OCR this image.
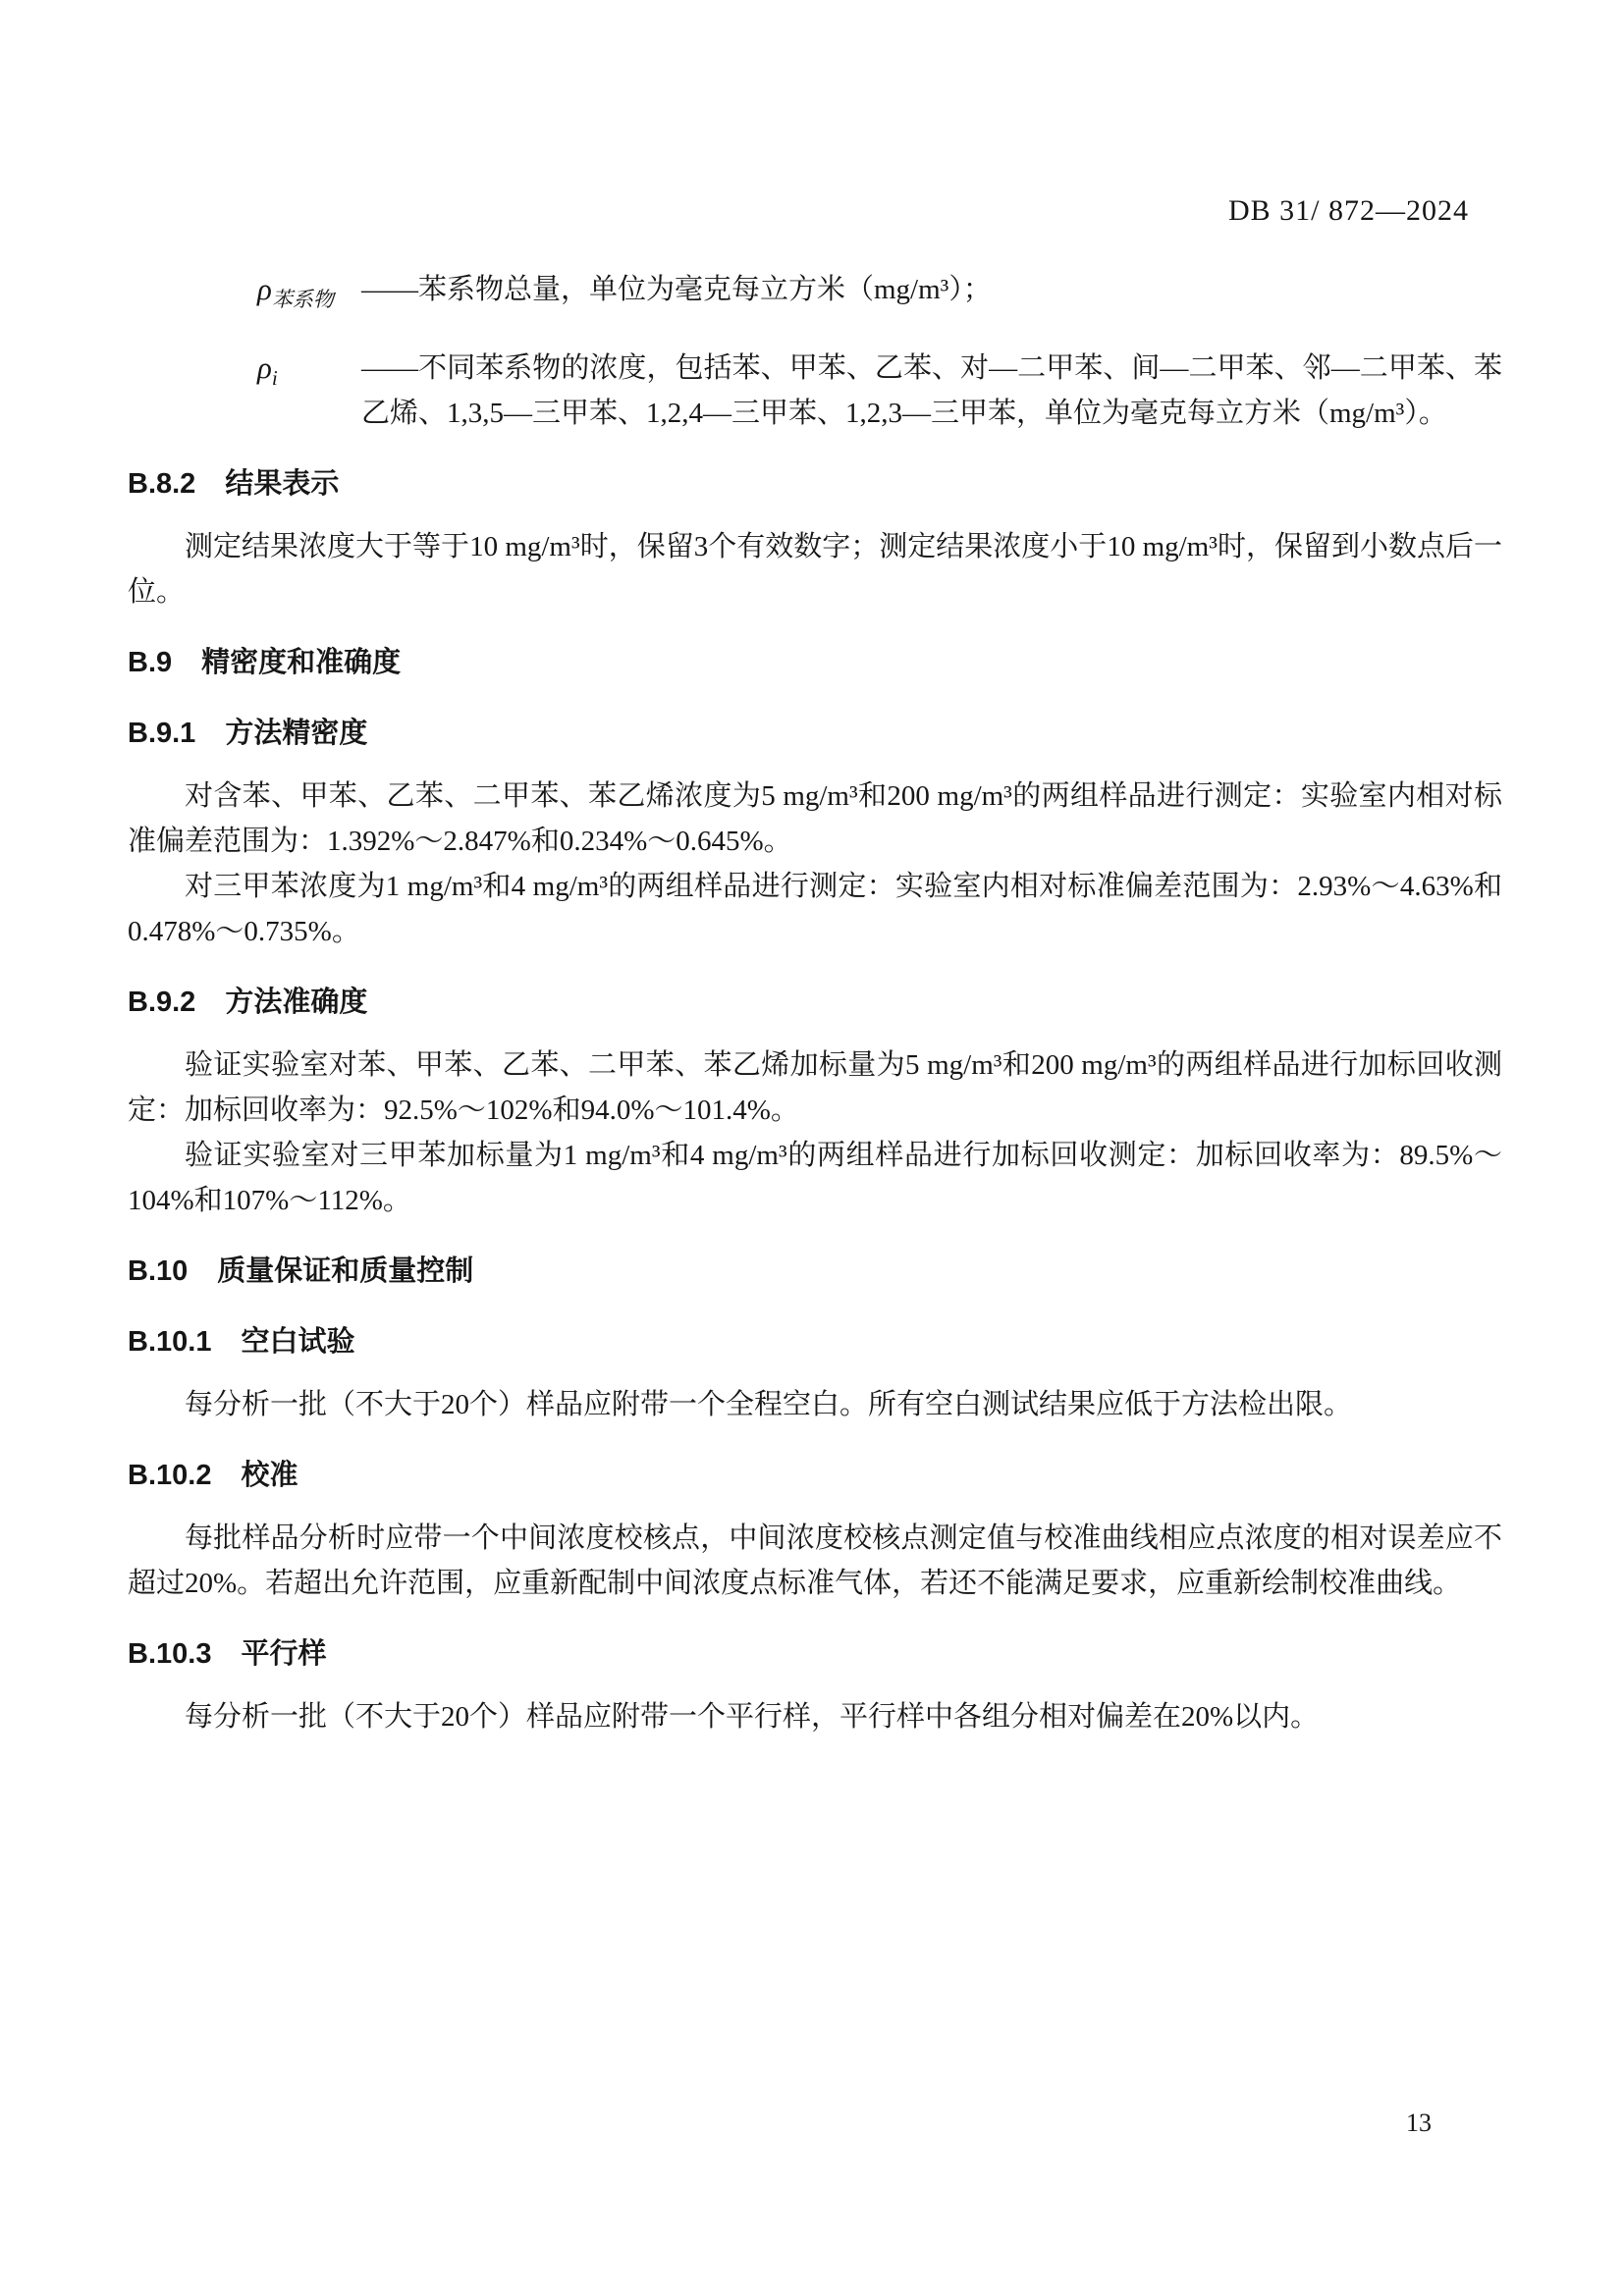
DB 31/ 872—2024
$\rho_{苯系物}$ ——苯系物总量，单位为毫克每立方米（mg/m³）；
$\rho_i$	——不同苯系物的浓度，包括苯、甲苯、乙苯、对—二甲苯、间—二甲苯、邻—二甲苯、苯乙烯、1,3,5—三甲苯、1,2,4—三甲苯、1,2,3—三甲苯，单位为毫克每立方米（mg/m³）。
B.8.2 结果表示

测定结果浓度大于等于10 mg/m³时，保留3个有效数字；测定结果浓度小于10 mg/m³时，保留到小数点后一位。

B.9 精密度和准确度
B.9.1 方法精密度

对含苯、甲苯、乙苯、二甲苯、苯乙烯浓度为5 mg/m³和200 mg/m³的两组样品进行测定：实验室内相对标准偏差范围为：1.392%～2.847%和0.234%～0.645%。

对三甲苯浓度为1 mg/m³和4 mg/m³的两组样品进行测定：实验室内相对标准偏差范围为：2.93%～4.63%和0.478%～0.735%。

B.9.2 方法准确度

验证实验室对苯、甲苯、乙苯、二甲苯、苯乙烯加标量为5 mg/m³和200 mg/m³的两组样品进行加标回收测定：加标回收率为：92.5%～102%和94.0%～101.4%。

验证实验室对三甲苯加标量为1 mg/m³和4 mg/m³的两组样品进行加标回收测定：加标回收率为：89.5%～104%和107%～112%。

B.10 质量保证和质量控制
B.10.1 空白试验

每分析一批（不大于20个）样品应附带一个全程空白。所有空白测试结果应低于方法检出限。

B.10.2 校准

每批样品分析时应带一个中间浓度校核点，中间浓度校核点测定值与校准曲线相应点浓度的相对误差应不超过20%。若超出允许范围，应重新配制中间浓度点标准气体，若还不能满足要求，应重新绘制校准曲线。

B.10.3 平行样

每分析一批（不大于20个）样品应附带一个平行样，平行样中各组分相对偏差在20%以内。

13
